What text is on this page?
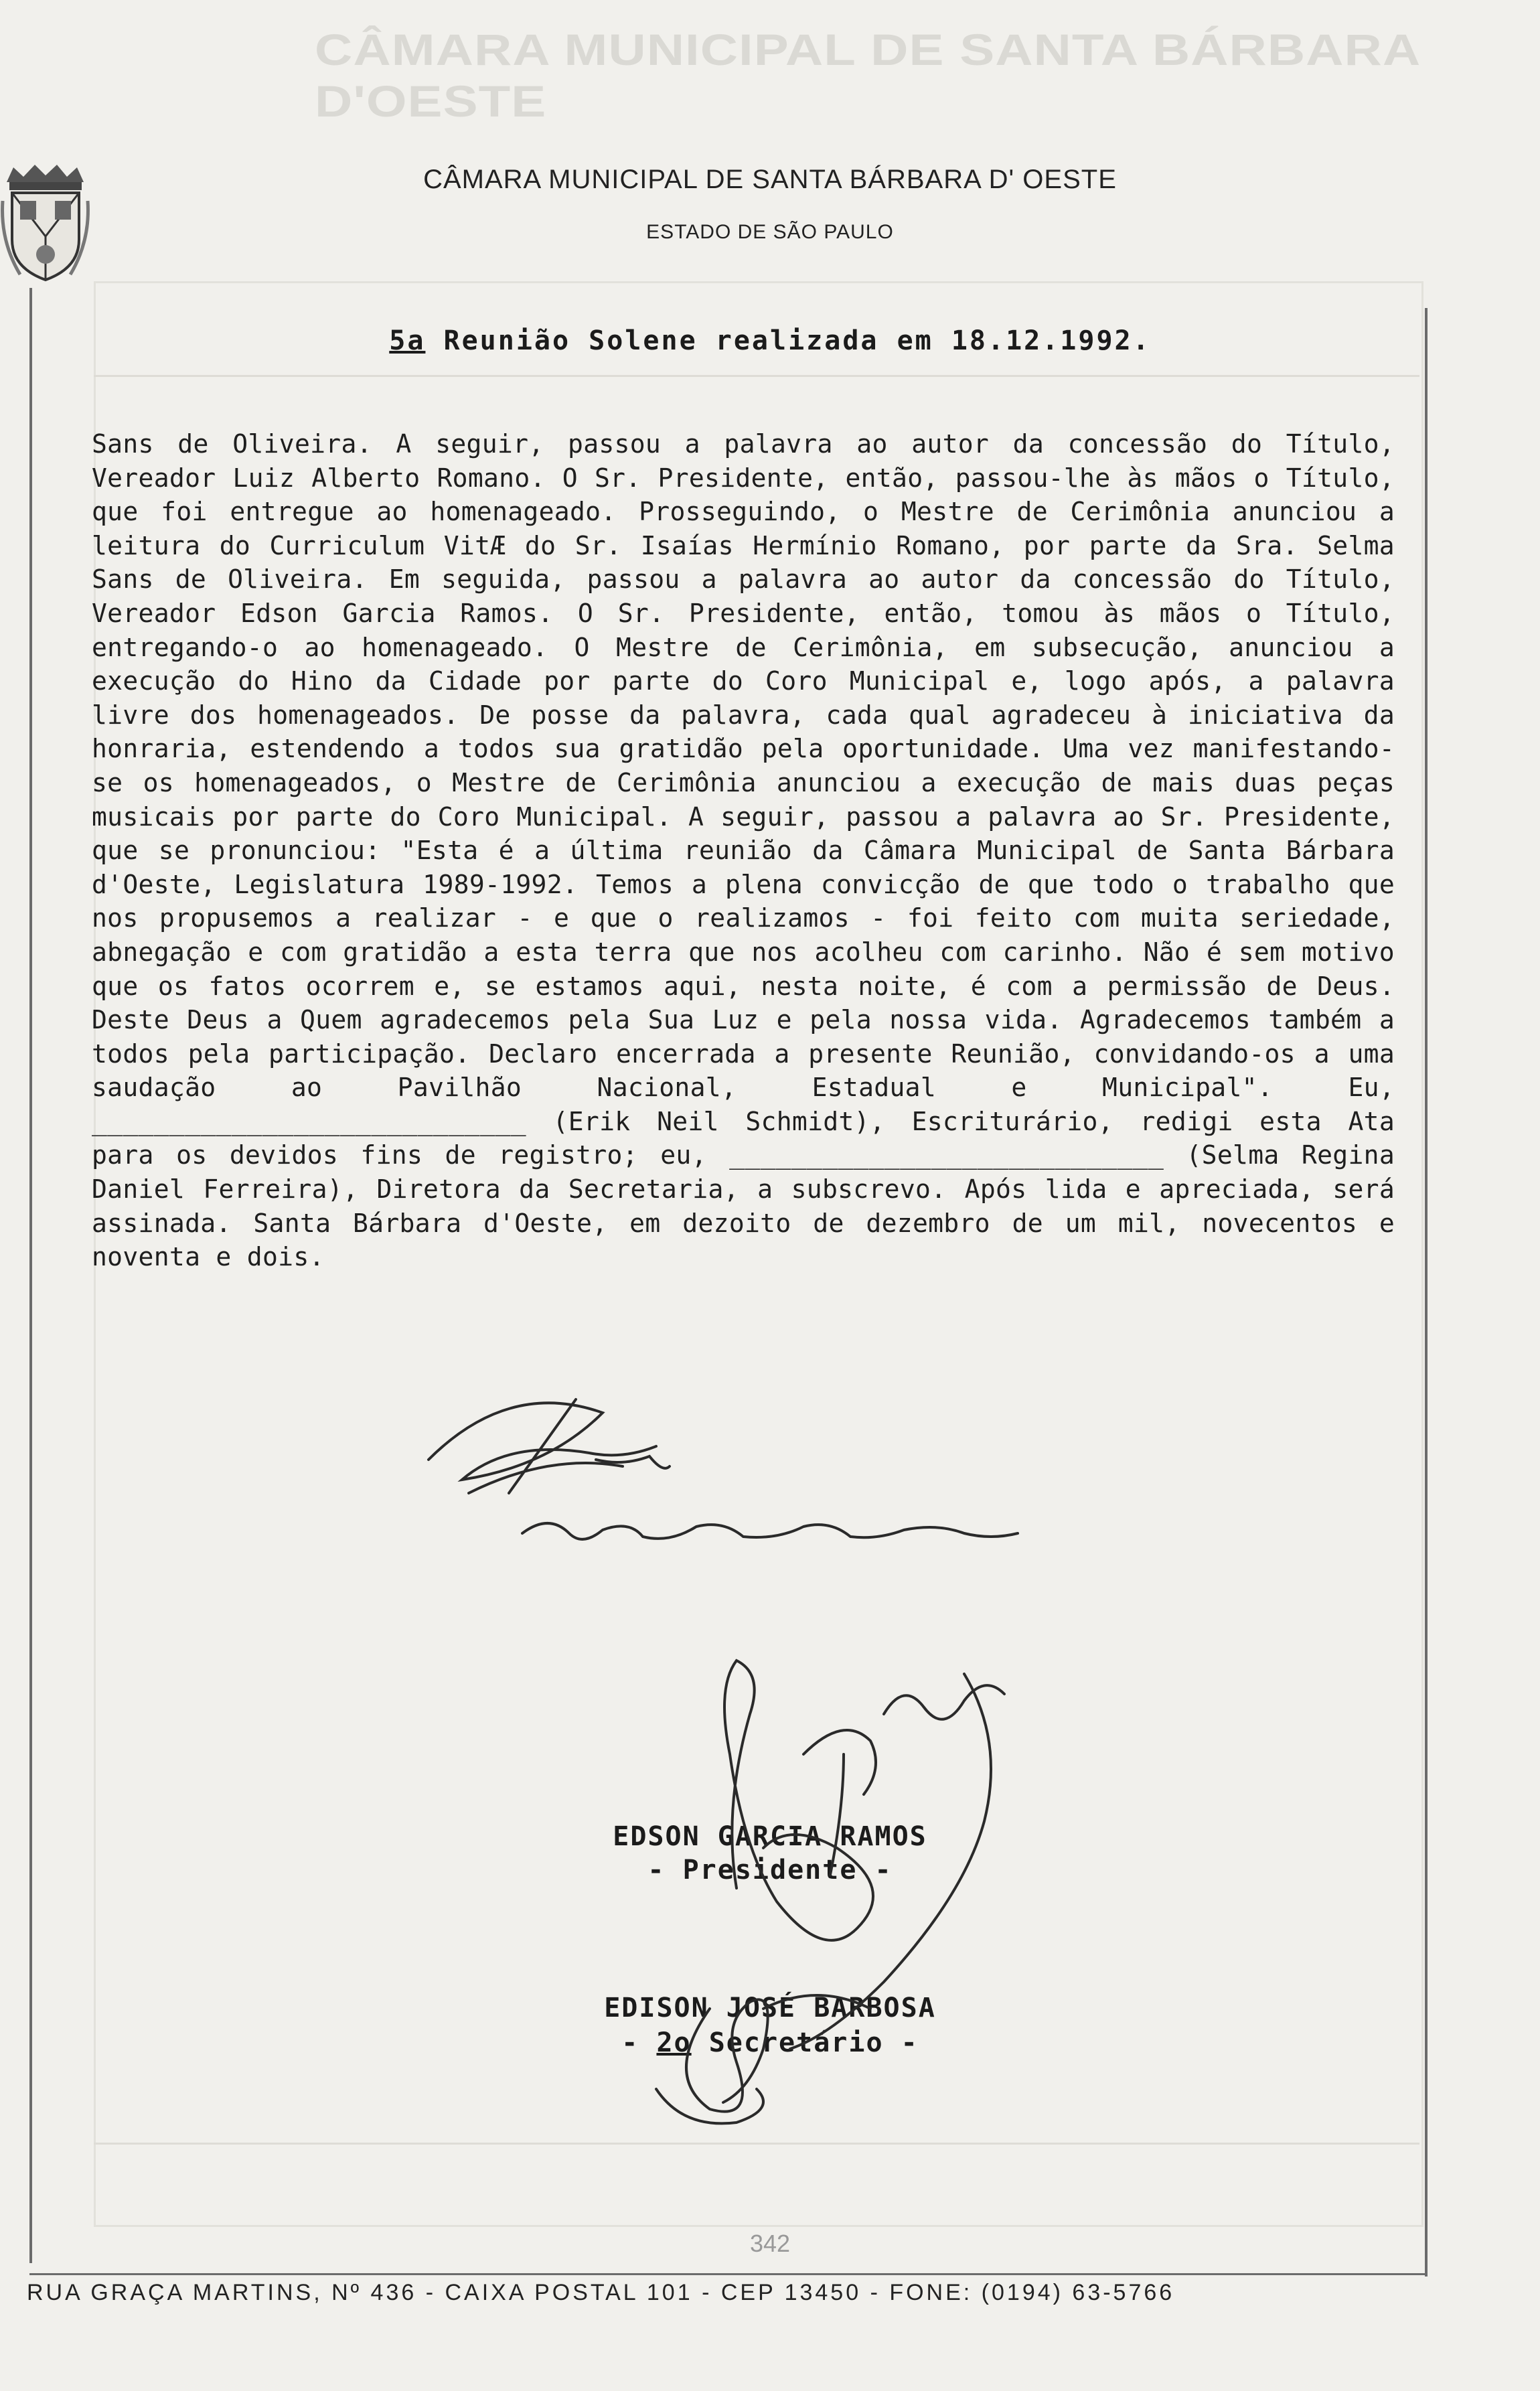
CÂMARA MUNICIPAL DE SANTA BÁRBARA D'OESTE
CÂMARA MUNICIPAL DE SANTA BÁRBARA D' OESTE
ESTADO DE SÃO PAULO
5a Reunião Solene realizada em 18.12.1992.
Sans de Oliveira. A seguir, passou a palavra ao autor da concessão do Título, Vereador Luiz Alberto Romano. O Sr. Presidente, então, passou-lhe às mãos o Título, que foi entregue ao homenageado. Prosseguindo, o Mestre de Cerimônia anunciou a leitura do Curriculum VitÆ do Sr. Isaías Hermínio Romano, por parte da Sra. Selma Sans de Oliveira. Em seguida, passou a palavra ao autor da concessão do Título, Vereador Edson Garcia Ramos. O Sr. Presidente, então, tomou às mãos o Título, entregando-o ao homenageado. O Mestre de Cerimônia, em subsecução, anunciou a execução do Hino da Cidade por parte do Coro Municipal e, logo após, a palavra livre dos homenageados. De posse da palavra, cada qual agradeceu à iniciativa da honraria, estendendo a todos sua gratidão pela oportunidade. Uma vez manifestando-se os homenageados, o Mestre de Cerimônia anunciou a execução de mais duas peças musicais por parte do Coro Municipal. A seguir, passou a palavra ao Sr. Presidente, que se pronunciou: "Esta é a última reunião da Câmara Municipal de Santa Bárbara d'Oeste, Legislatura 1989-1992. Temos a plena convicção de que todo o trabalho que nos propusemos a realizar - e que o realizamos - foi feito com muita seriedade, abnegação e com gratidão a esta terra que nos acolheu com carinho. Não é sem motivo que os fatos ocorrem e, se estamos aqui, nesta noite, é com a permissão de Deus. Deste Deus a Quem agradecemos pela Sua Luz e pela nossa vida. Agradecemos também a todos pela participação. Declaro encerrada a presente Reunião, convidando-os a uma saudação ao Pavilhão Nacional, Estadual e Municipal". Eu, ____________________________ (Erik Neil Schmidt), Escriturário, redigi esta Ata para os devidos fins de registro; eu, ____________________________ (Selma Regina Daniel Ferreira), Diretora da Secretaria, a subscrevo. Após lida e apreciada, será assinada. Santa Bárbara d'Oeste, em dezoito de dezembro de um mil, novecentos e noventa e dois.
EDSON GARCIA RAMOS
- Presidente -
EDISON JOSÉ BARBOSA
- 2o Secretário -
342
RUA GRAÇA MARTINS, Nº 436 - CAIXA POSTAL 101 - CEP 13450 - FONE: (0194) 63-5766
